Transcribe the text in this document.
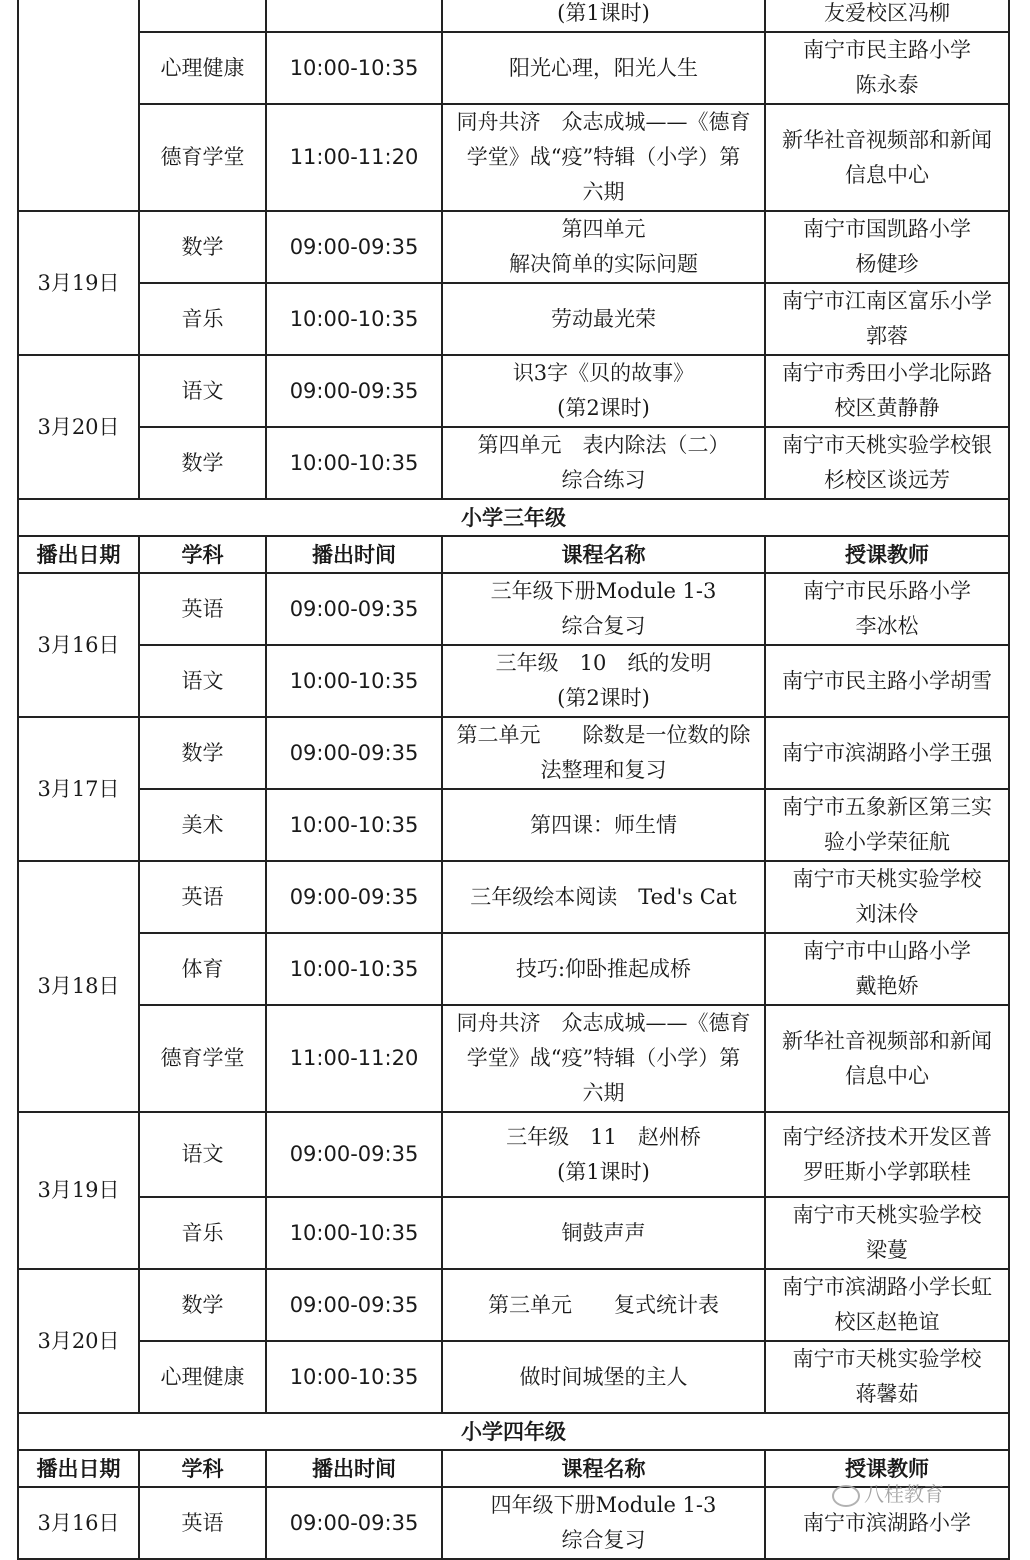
			(第1课时)	友爱校区冯柳
	心理健康	10:00-10:35	阳光心理，阳光人生	南宁市民主路小学
陈永泰
	德育学堂	11:00-11:20	同舟共济　众志成城——《德育
学堂》战“疫”特辑（小学）第
六期	新华社音视频部和新闻
信息中心
3月19日	数学	09:00-09:35	第四单元
解决简单的实际问题	南宁市国凯路小学
杨健珍
	音乐	10:00-10:35	劳动最光荣	南宁市江南区富乐小学
郭蓉
3月20日	语文	09:00-09:35	识3字《贝的故事》
(第2课时)	南宁市秀田小学北际路
校区黄静静
	数学	10:00-10:35	第四单元　表内除法（二）
综合练习	南宁市天桃实验学校银
杉校区谈远芳
小学三年级				
播出日期	学科	播出时间	课程名称	授课教师
3月16日	英语	09:00-09:35	三年级下册Module 1-3
综合复习	南宁市民乐路小学
李冰松
	语文	10:00-10:35	三年级　10　纸的发明
(第2课时)	南宁市民主路小学胡雪
3月17日	数学	09:00-09:35	第二单元　　除数是一位数的除
法整理和复习	南宁市滨湖路小学王强
	美术	10:00-10:35	第四课：师生情	南宁市五象新区第三实
验小学荣征航
3月18日	英语	09:00-09:35	三年级绘本阅读　Ted's Cat	南宁市天桃实验学校
刘沫伶
	体育	10:00-10:35	技巧:仰卧推起成桥	南宁市中山路小学
戴艳娇
	德育学堂	11:00-11:20	同舟共济　众志成城——《德育
学堂》战“疫”特辑（小学）第
六期	新华社音视频部和新闻
信息中心
3月19日	语文	09:00-09:35	三年级　11　赵州桥
(第1课时)	南宁经济技术开发区普
罗旺斯小学郭联桂
	音乐	10:00-10:35	铜鼓声声	南宁市天桃实验学校
梁蔓
3月20日	数学	09:00-09:35	第三单元　　复式统计表	南宁市滨湖路小学长虹
校区赵艳谊
	心理健康	10:00-10:35	做时间城堡的主人	南宁市天桃实验学校
蒋馨茹
小学四年级				
播出日期	学科	播出时间	课程名称	授课教师
3月16日	英语	09:00-09:35	四年级下册Module 1-3
综合复习	南宁市滨湖路小学
八桂教育
